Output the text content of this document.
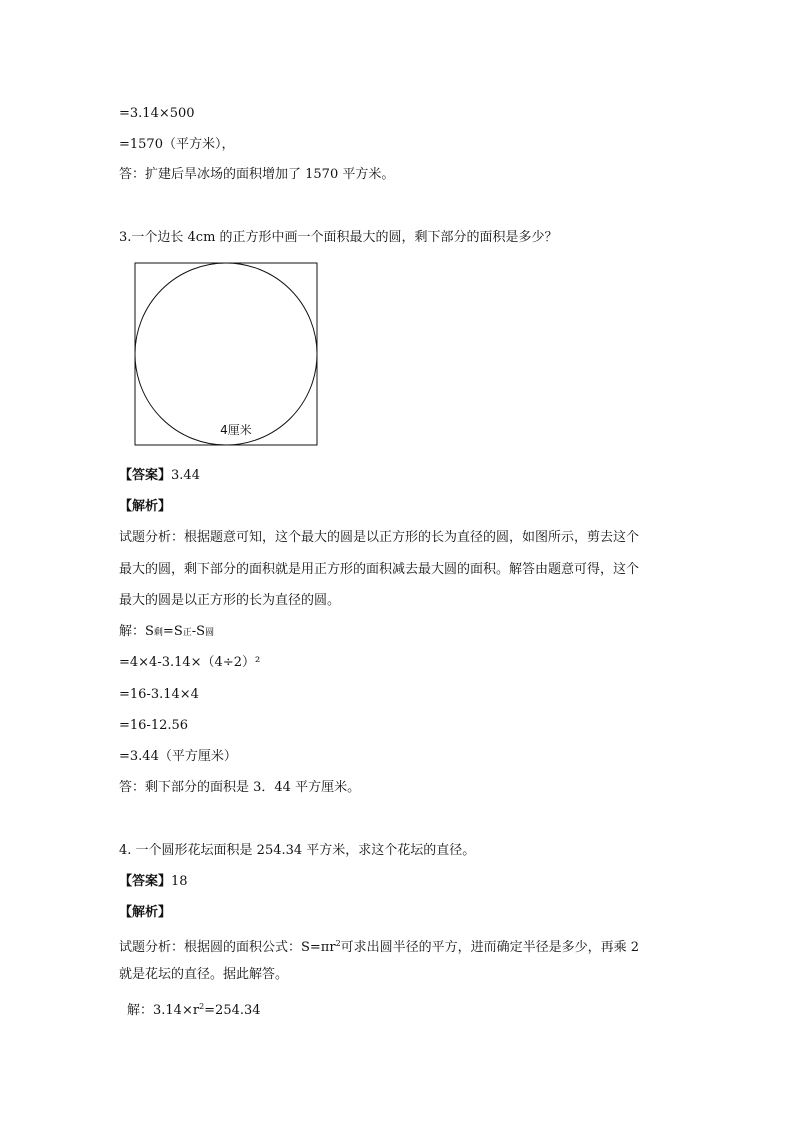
=3.14×500
=1570（平方米），
答：扩建后旱冰场的面积增加了 1570 平方米。
3.一个边长 4cm 的正方形中画一个面积最大的圆，剩下部分的面积是多少？
4厘米
【答案】3.44
【解析】
试题分析：根据题意可知，这个最大的圆是以正方形的长为直径的圆，如图所示，剪去这个
最大的圆，剩下部分的面积就是用正方形的面积减去最大圆的面积。解答由题意可得，这个
最大的圆是以正方形的长为直径的圆。
解：S剩=S正-S圆
=4×4-3.14×（4÷2）²
=16-3.14×4
=16-12.56
=3.44（平方厘米）
答：剩下部分的面积是 3．44 平方厘米。
4. 一个圆形花坛面积是 254.34 平方米，求这个花坛的直径。
【答案】18
【解析】
试题分析：根据圆的面积公式：$S=\pi r^2$可求出圆半径的平方，进而确定半径是多少，再乘 2
就是花坛的直径。据此解答。
解：$3.14\times r^2=254.34$
